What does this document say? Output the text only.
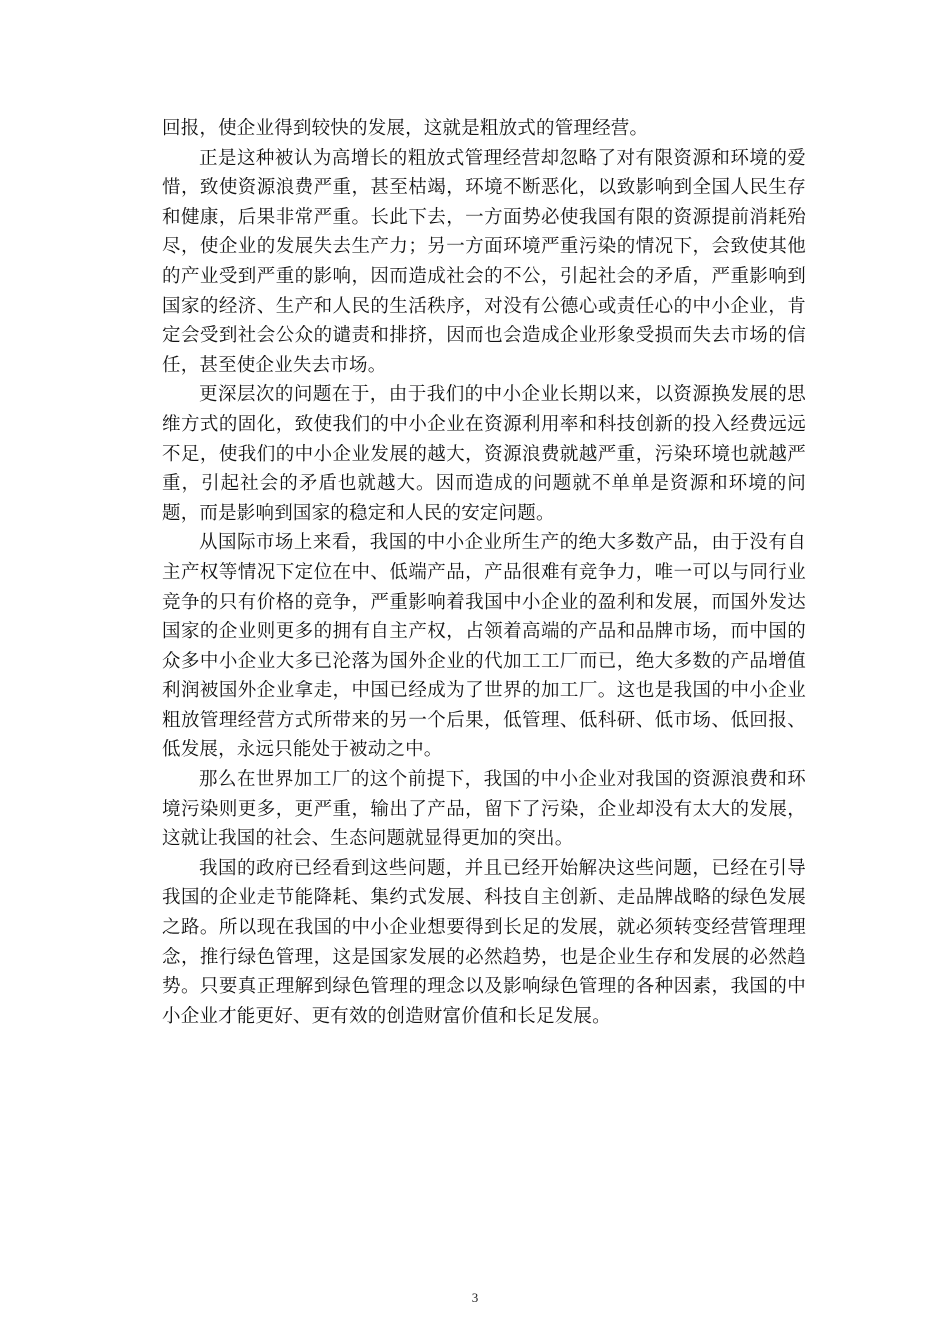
回报，使企业得到较快的发展，这就是粗放式的管理经营。

正是这种被认为高增长的粗放式管理经营却忽略了对有限资源和环境的爱惜，致使资源浪费严重，甚至枯竭，环境不断恶化，以致影响到全国人民生存和健康，后果非常严重。长此下去，一方面势必使我国有限的资源提前消耗殆尽，使企业的发展失去生产力；另一方面环境严重污染的情况下，会致使其他的产业受到严重的影响，因而造成社会的不公，引起社会的矛盾，严重影响到国家的经济、生产和人民的生活秩序，对没有公德心或责任心的中小企业，肯定会受到社会公众的谴责和排挤，因而也会造成企业形象受损而失去市场的信任，甚至使企业失去市场。

更深层次的问题在于，由于我们的中小企业长期以来，以资源换发展的思维方式的固化，致使我们的中小企业在资源利用率和科技创新的投入经费远远不足，使我们的中小企业发展的越大，资源浪费就越严重，污染环境也就越严重，引起社会的矛盾也就越大。因而造成的问题就不单单是资源和环境的问题，而是影响到国家的稳定和人民的安定问题。

从国际市场上来看，我国的中小企业所生产的绝大多数产品，由于没有自主产权等情况下定位在中、低端产品，产品很难有竞争力，唯一可以与同行业竞争的只有价格的竞争，严重影响着我国中小企业的盈利和发展，而国外发达国家的企业则更多的拥有自主产权，占领着高端的产品和品牌市场，而中国的众多中小企业大多已沦落为国外企业的代加工工厂而已，绝大多数的产品增值利润被国外企业拿走，中国已经成为了世界的加工厂。这也是我国的中小企业粗放管理经营方式所带来的另一个后果，低管理、低科研、低市场、低回报、低发展，永远只能处于被动之中。

那么在世界加工厂的这个前提下，我国的中小企业对我国的资源浪费和环境污染则更多，更严重，输出了产品，留下了污染，企业却没有太大的发展，这就让我国的社会、生态问题就显得更加的突出。

我国的政府已经看到这些问题，并且已经开始解决这些问题，已经在引导我国的企业走节能降耗、集约式发展、科技自主创新、走品牌战略的绿色发展之路。所以现在我国的中小企业想要得到长足的发展，就必须转变经营管理理念，推行绿色管理，这是国家发展的必然趋势，也是企业生存和发展的必然趋势。只要真正理解到绿色管理的理念以及影响绿色管理的各种因素，我国的中小企业才能更好、更有效的创造财富价值和长足发展。

3
